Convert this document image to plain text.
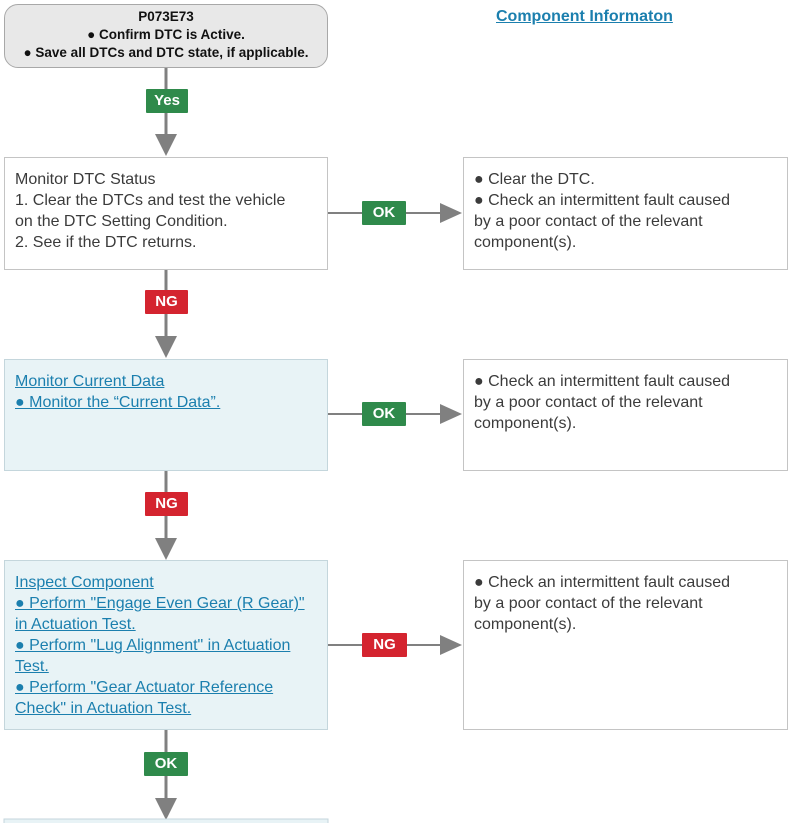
P073E73
● Confirm DTC is Active.
● Save all DTCs and DTC state, if applicable.
Component Informaton
Yes
Monitor DTC Status
1. Clear the DTCs and test the vehicle
on the DTC Setting Condition.
2. See if the DTC returns.
OK
● Clear the DTC.
● Check an intermittent fault caused
by a poor contact of the relevant
component(s).
NG
Monitor Current Data
● Monitor the “Current Data”.
OK
● Check an intermittent fault caused
by a poor contact of the relevant
component(s).
NG
Inspect Component
● Perform "Engage Even Gear (R Gear)"
in Actuation Test.
● Perform "Lug Alignment" in Actuation
Test.
● Perform "Gear Actuator Reference
Check" in Actuation Test.
NG
● Check an intermittent fault caused
by a poor contact of the relevant
component(s).
OK
